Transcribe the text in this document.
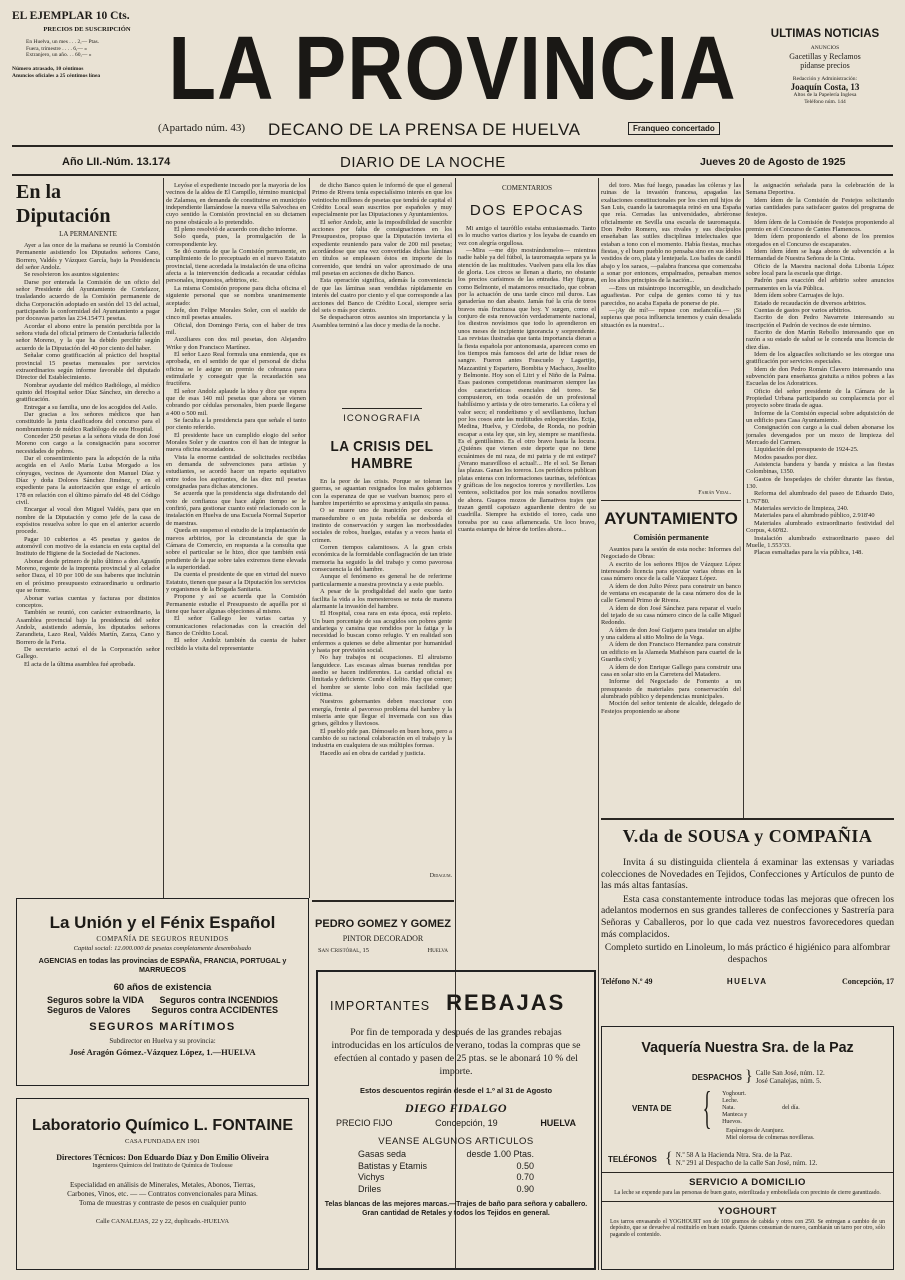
EL EJEMPLAR 10 Cts.
PRECIOS DE SUSCRIPCIÓN
En Huelva, un mes . . . 2,— Ptas.
Fuera, trimestre . . . . 6,— »
Extranjero, un año. . . 60,— »
Número atrasado, 10 céntimos
Anuncios oficiales a 25 céntimos línea LA PROVINCIA
(Apartado núm. 43) DECANO DE LA PRENSA DE HUELVA	Franqueo concertado
ULTIMAS NOTICIAS
ANUNCIOS
Gacetillas y Reclamos
pídanse precios
Redacción y Administración:
Joaquín Costa, 13
Altos de la Papelería Inglesa
Teléfono núm. 144
Año LII.-Núm. 13.174	DIARIO DE LA NOCHE	Jueves 20 de Agosto de 1925
En la Diputación
LA PERMANENTE

Ayer a las once de la mañana se reunió la Comisión Permanente asistiendo los Diputados señores Cano, Borrero, Valdés y Vázquez García, bajo la Presidencia del señor Andolz.

Se resolvieron los asuntos siguientes:

Darse por enterada la Comisión de un oficio del señor Presidente del Ayuntamiento de Cortelazor, trasladando acuerdo de la Comisión permanente de dicha Corporación adoptado en sesión del 13 del actual, participando la conformidad del Ayuntamiento a pagar por doceavas partes las 234.154'71 pesetas.

Acordar el abono entre la pensión percibida por la señora viuda del oficial primero de Contaduría fallecido señor Moreno, y la que ha debido percibir según acuerdo de la Diputación del 40 por ciento del haber.

Señalar como gratificación al práctico del hospital provincial 15 pesetas mensuales por servicios extraordinarios según informe favorable del diputado Director del Establecimiento.

Nombrar ayudante del médico Radiólogo, al médico quinto del Hospital señor Díaz Sánchez, sin derecho a gratificación.

Entregar a su familia, uno de los acogidos del Asilo.

Dar gracias a los señores médicos que han constituido la junta clasificadora del concurso para el nombramiento de médico Radiólogo de este Hospital.

Conceder 250 pesetas a la señora viuda de don José Moreno con cargo a la consignación para socorrer necesidades de pobres.

Dar el consentimiento para la adopción de la niña acogida en el Asilo María Luisa Morgado a los cónyuges, vecinos de Ayamonte don Manuel Díaz y Díaz y doña Dolores Sánchez Jiménez, y en el expediente para la autorización que exige el artículo 178 en relación con el último párrafo del 48 del Código civil.

Encargar al vocal don Miguel Valdés, para que en nombre de la Diputación y como jefe de la casa de expósitos resuelva sobre lo que en el anterior acuerdo procede.

Pagar 10 cubiertos a 45 pesetas y gastos de automóvil con motivo de la estancia en esta capital del Instituto de Higiene de la Sociedad de Naciones.

Abonar desde primero de julio último a don Agustín Moreno, regente de la imprenta provincial y al celador señor Daza, el 10 por 100 de sus haberes que incluirán en el próximo presupuesto extraordinario u ordinario que se forme.

Abonar varias cuentas y facturas por distintos conceptos.

También se reunió, con carácter extraordinario, la Asamblea provincial bajo la presidencia del señor Andolz, asistiendo además, los diputados señores Zarandieta, Lazo Real, Valdés Martín, Zarza, Cano y Borrero de la Feria.

De secretario actuó el de la Corporación señor Gallego.

El acta de la última asamblea fué aprobada.

Leyóse el expediente incoado por la mayoría de los vecinos de la aldea de El Campillo, término municipal de Zalamea, en demanda de constituirse en municipio independiente llamándose la nueva villa Salvochea en cuyo sentido la Comisión provincial en su dictamen no pone obstáculo a lo pretendido.

El pleno resolvió de acuerdo con dicho informe.

Solo queda, pues, la promulgación de la correspondiente ley.

Se dió cuenta de que la Comisión permanente, en cumplimiento de lo preceptuado en el nuevo Estatuto provincial, tiene acordada la instalación de una oficina afecta a la intervención dedicada a recaudar cédulas personales, impuestos, arbitrios, etc.

La misma Comisión propone para dicha oficina el siguiente personal que se nombra unanimemente aceptado:

Jefe, don Felipe Morales Soler, con el sueldo de cinco mil pesetas anuales.

Oficial, don Domingo Feria, con el haber de tres mil.

Auxiliares con dos mil pesetas, don Alejandro Wrike y don Francisco Martínez.

El señor Lazo Real formula una enmienda, que es aprobada, en el sentido de que el personal de dicha oficina se le asigne un premio de cobranza para estimularle y conseguir que la recaudación sea fructífera.

El señor Andolz aplaude la idea y dice que espera que de esas 140 mil pesetas que ahora se vienen cobrando por cédulas personales, bien puede llegarse a 400 o 500 mil.

Se faculta a la presidencia para que señale el tanto por ciento referido.

El presidente hace un cumplido elogio del señor Morales Soler y de cuantos con él han de integrar la nueva oficina recaudadora.

Vista la enorme cantidad de solicitudes recibidas en demanda de subvenciones para artistas y estudiantes, se acordó hacer un reparto equitativo entre todos los aspirantes, de las diez mil pesetas consignadas para dichas atenciones.

Se acuerda que la presidencia siga disfrutando del voto de confianza que hace algún tiempo se le confirió, para gestionar cuanto esté relacionado con la instalación en Huelva de una Escuela Normal Superior de maestras.

Queda en suspenso el estudio de la implantación de nuevos arbitrios, por la circunstancia de que la Cámara de Comercio, en respuesta a la consulta que sobre el particular se le hizo, dice que también está pendiente de la que sobre tales extremos tiene elevada a la superioridad.

Da cuenta el presidente de que en virtud del nuevo Estatuto, tienen que pasar a la Diputación los servicios y organismos de la Brigada Sanitaria.

Propone y así se acuerda que la Comisión Permanente estudie el Presupuesto de aquélla por si tiene que hacer algunas objeciones al mismo.

El señor Gallego lee varias cartas y comunicaciones relacionadas con la creación del Banco de Crédito Local.

El señor Andolz también da cuenta de haber recibido la visita del representante

de dicho Banco quien le informó de que el general Primo de Rivera tenía especialísimo interés en que los veintiocho millones de pesetas que tendrá de capital el Crédito Local sean suscritos por españoles y muy especialmente por las Diputaciones y Ayuntamientos.

El señor Andolz, ante la imposibilidad de suscribir acciones por falta de consignaciones en los Presupuestos, propuso que la Diputación invierta el expediente reuniendo para valor de 200 mil pesetas; acordándose que una vez convertidas dichas láminas en títulos se empleasen éstos en importe de lo convenido, que tendrá un valor aproximado de una mil pesetas en acciones de dicho Banco.

Esta operación significa, además la conveniencia de que las láminas sean vendidas rápidamente en interés del cuatro por ciento y el que corresponde a las acciones del Banco de Crédito Local, siempre sería del seis o más por ciento.

Se despacharon otros asuntos sin importancia y la Asamblea terminó a las doce y media de la noche.

ICONOGRAFIA
LA CRISIS DEL HAMBRE

En la peor de las crisis. Porque se toleran las guerras, se aguantan resignados los males gobiernos con la esperanza de que se vuelvan buenos; pero el hambre impertérrito se aproxima y aniquila sin pausa.

O se muere uno de inanición por exceso de mansedumbre o en justa rebeldía se desborda el instinto de conservación y surgen las morbosidades sociales de robos, huelgas, estafas y a veces hasta el crimen.

Corren tiempos calamitosos. A la gran crisis económica de la formidable conflagración de tan triste memoria ha seguido la del trabajo y como pavorosa consecuencia la del hambre.

Aunque el fenómeno es general he de referirme particularmente a nuestra provincia y a este pueblo.

A pesar de la prodigalidad del suelo que tanto facilita la vida a los menesterosos se nota de manera alarmante la invasión del hambre.

El Hospital, cosa rara en esta época, está repleto. Un buen porcentaje de sus acogidos son pobres gente andariega y cansina que rendidos por la fatiga y la necesidad lo buscan como refugio. Y en realidad son enfermos a quienes se debe alimentar por humanidad y hasta por previsión social.

No hay trabajos ni ocupaciones. El altruismo languidece. Las escasas almas buenas rendidas por asedio se hacen indiferentes. La caridad oficial es limitada y deficiente. Cunde el delito. Hay que comer; el hombre se siente lobo con más facilidad que víctima.

Nuestros gobernantes deben reaccionar con energía, frente al pavoroso problema del hambre y la miseria ante que llegue el invernada con sus días grises, gélidos y lluviosos.

El pueblo pide pan. Démoselo en buen hora, pero a cambio de su racional colaboración en el trabajo y la industria en cualquiera de sus múltiples formas.

Hacedlo así en obra de caridad y justicia.

Didagum.
COMENTARIOS
DOS EPOCAS

Mi amigo el taurófilo estaba entusiasmado. Tanto es lo mucho varios diarios y los leyaba de cuando en vez con alegría orgullosa.

—Mira —me dijo mostrándomelos— mientras nadie hable ya del fútbol, la tauromaquia separa ya la atención de las multitudes. Vuelven para ella los días de gloria. Los circos se llenan a diario, no obstante los precios carísimos de las entradas. Hay figuras, como Belmonte, el matamoros resucitado, que cobran por la actuación de una tarde cinco mil duros. Las ganaderías no dan abasto. Jamás fué la cría de toros bravos más fructuosa que hoy. Y surgen, como el conjuro de esta renovación verdaderamente nacional, los diestros novísimos que todo lo aprendieron en unos meses de incipiente ignorancia y sorprendente. Las revistas ilustradas que tanta importancia dieran a la fiesta española por antonomasia, aparecen como en los tiempos más famosos del arte de lidiar reses de sangre. Fueron antes Frascuelo y Lagartijo, Mazzantini y Espartero, Bombita y Machaco, Joselito y Belmonte. Hoy son el Litri y el Niño de la Palma. Esas pasiones competidoras reanimaron siempre las dos características esenciales del toreo. Se compusieron, en toda ocasión de un profesional habilísimo y artista y de otro temerario. La cólera y el valor seco; el rondeñismo y el sevillanismo, luchan por los cosos ante las multitudes enloquecidas. Ecija, Medina, Huelva, y Córdoba, de Ronda, no podrán escapar a esta ley que, sin ley, siempre se manifiesta. Es el gentilísimo. Es el otro bravo hasta la locura. ¿Quiénes que vienen este deporte que no tiene ecuánimes de mi raza, de mi patria y de mi estirpe? ¡Verano maravilloso el actual!... He el sol. Se llenan las plazas. Ganan los toreros. Los periódicos publican platas enteras con informaciones taurinas, telefónicas y gráficas de los negocios toreros y novilleriles. Los venteos, solicitados por los más sonados novilleros de ahora. Guapos mozos de llamativos trajes que trazan gentil capotazo aguardiente dentro de su cuadrilla. Siempre ha existido el toreo, cada uno toreaba por su casa aflamencada. Un loco bravo, cuanta estampa de héroe de toriles ahora...

PEDRO GOMEZ Y GOMEZ
PINTOR DECORADOR
San Cristóbal, 15	Huelva

del toro. Mas fué luego, pasadas las cóleras y las ruinas de la invasión francesa, apagadas las exaltaciones constitucionales por los cien mil hijos de San Luis, cuando la tauromaquia reinó en una España que reía. Cerradas las universidades, abriéronse oficialmente en Sevilla una escuela de tauromaquia. Don Pedro Romero, sus rivales y sus discípulos enseñaban las sutiles disciplinas intelectuales que estaban a tono con el momento. Había fiestas, muchas fiestas, y el buen pueblo no pensaba sino en sus ídolos vestidos de oro, plata y lentejuela. Los bailes de candil abajo y los saraos, —palabra francesa que comenzaba a sonar por entonces, empalmados, pensaban menos en los altos principios de la nación...

—Eres un misántropo incorregible, un desdichado aguafiestas. Por culpa de gentes como tú y tus parecidos, no acaba España de ponerse de pie.

—¡Ay de mí!— repuse con melancolía.— ¡Si supieras que poca influencia tenemos y cuán desalada situación es la nuestra!...

Fabián Vidal.
AYUNTAMIENTO
Comisión permanente

Asuntos para la sesión de esta noche: Informes del Negociado de Obras:

A escrito de los señores Hijos de Vázquez López interesando licencia para ejecutar varias obras en la casa número once de la calle Vázquez López.

A ídem de don Julio Pérez para construir un banco de ventana en escaparate de la casa número dos de la calle General Primo de Rivera.

A ídem de don José Sánchez para reparar el vuelo del tejado de su casa número cinco de la calle Miguel Redondo.

A ídem de don José Guijarro para instalar un aljibe y una caldera al sitio Molino de la Vega.

A ídem de don Francisco Hernandez para construir un edificio en la Alameda Mathéson para cuartel de la Guardia civil; y

A ídem de don Enrique Gallego para construir una casa en solar sito en la Carretera del Matadero.

Informe del Negociado de Fomento a un presupuesto de materiales para conservación del alumbrado público y dependencias municipales.

Moción del señor teniente de alcalde, delegado de Festejos proponiendo se abone

la asignación señalada para la celebración de la Semana Deportiva.

Idem ídem de la Comisión de Festejos solicitando varias cantidades para satisfacer gastos del programa de festejos.

Idem ídem de la Comisión de Festejos proponiendo al premio en el Concurso de Cantes Flamencos.

Idem ídem proponiendo el abono de los premios otorgados en el Concurso de escaparates.

Idem ídem ídem se haga abono de subvención a la Hermandad de Nuestra Señora de la Cinta.

Oficio de la Maestra nacional doña Libonia López sobre local para la escuela que dirige.

Padrón para exacción del arbitrio sobre anuncios permanentes en la vía Pública.

Idem ídem sobre Carruajes de lujo.

Estado de recaudación de diversos arbitrios.

Cuentas de gastos por varios arbitrios.

Escrito de don Pedro Navarrete interesando su inscripción el Padrón de vecinos de este término.

Escrito de don Martín Rebollo interesando que en razón a su estado de salud se le conceda una licencia de diez días.

Idem de los alguaciles solicitando se les otorgue una gratificación por servicios especiales.

Idem de don Pedro Román Clavero interesando una subvención para enseñanza gratuita a niños pobres a las Escuelas de los Adoratrices.

Oficio del señor presidente de la Cámara de la Propiedad Urbana participando su complacencia por el proyecto sobre tirada de agua.

Informe de la Comisión especial sobre adquisición de un edificio para Casa Ayuntamiento.

Consignación con cargo a la cual deben abonarse los jornales devengados por un mozo de limpieza del Mercado del Carmen.

Liquidación del presupuesto de 1924-25.

Modos pasados por diez.

Asistencia bandera y banda y música a las fiestas Colombinas, 1350.

Gastos de hospedajes de chófer durante las fiestas, 130.

Reforma del alumbrado del paseo de Eduardo Dato, 1.767'80.

Materiales servicio de limpieza, 240.

Materiales para el alumbrado público, 2.918'40

Materiales alumbrado extraordinario festividad del Corpus, 4.60'82.

Instalación alumbrado extraordinario paseo del Muelle, 1.553'33.

Placas esmaltadas para la vía pública, 148.

La Unión y el Fénix Español
COMPAÑÍA DE SEGUROS REUNIDOS
Capital social: 12.000.000 de pesetas completamente desembolsado
AGENCIAS en todas las provincias de ESPAÑA, FRANCIA, PORTUGAL y MARRUECOS
60 años de existencia
Seguros sobre la VIDA Seguros contra INCENDIOS
Seguros de Valores Seguros contra ACCIDENTES
SEGUROS MARÍTIMOS
Subdirector en Huelva y su provincia:
José Aragón Gómez.-Vázquez López, 1.—HUELVA
Laboratorio Químico L. FONTAINE
CASA FUNDADA EN 1901
Directores Técnicos: Don Eduardo Díaz y Don Emilio Oliveira
Ingenieros Químicos del Instituto de Química de Toulouse
Especialidad en análisis de Minerales, Metales, Abonos, Tierras,
Carbones, Vinos, etc. — — Contratos convencionales para Minas.
Toma de muestras y contraste de pesos en cualquier punto
Calle CANALEJAS, 22 y 22, duplicado.-HUELVA
IMPORTANTES REBAJAS
Por fin de temporada y después de las grandes rebajas introducidas en los artículos de verano, todas la compras que se efectúen al contado y pasen de 25 ptas. se le abonará 10 % del importe.
Estos descuentos regirán desde el 1.º al 31 de Agosto
DIEGO FIDALGO
PRECIO FIJO	Concepción, 19	HUELVA
VEANSE ALGUNOS ARTICULOS
Gasas seda	desde 1.00 Ptas.
Batistas y Etamis	0.50
Vichys	0.70
Driles	0.90
Telas blancas de las mejores marcas.—Trajes de baño para señora y caballero.
Gran cantidad de Retales y todos los Tejidos en general.
V.da de SOUSA y COMPAÑIA
Invita á su distinguida clientela á examinar las extensas y variadas colecciones de Novedades en Tejidos, Confecciones y Artículos de punto de las más altas fantasías.
Esta casa constantemente introduce todas las mejoras que ofrecen los adelantos modernos en sus grandes talleres de confecciones y Sastrería para Señoras y Caballeros, por lo que cada vez nuestros favorecedores quedan más complacidos.
Completo surtido en Linoleum, lo más práctico é higiénico para alfombrar despachos
Teléfono N.º 49	HUELVA	Concepción, 17
Vaquería Nuestra Sra. de la Paz
DESPACHOS } Calle San José, núm. 12.
José Canalejas, núm. 5.
VENTA DE { Yoghourt.
Leche.
Nata.
Manteca y
Huevos.
del día.
Espárragos de Aranjuez.
Miel olorosa de colmenas novilleras.
TELÉFONOS { N.º 58 A la Hacienda Ntra. Sra. de la Paz.
N.º 291 al Despacho de la calle San José, núm. 12.
SERVICIO A DOMICILIO
La leche se expende para las personas de buen gusto, esterilizada y embotellada con precinto de cierre garantizado.
YOGHOURT
Los tarros envasando el YOGHOURT son de 100 gramos de cabida y otros con 250. Se entregan a cambio de un depósito, que se devuelve al restituirlo en buen estado. Quienes consuman de nuevo, cambiarán un tarro por otro, sólo pagando el contenido.
